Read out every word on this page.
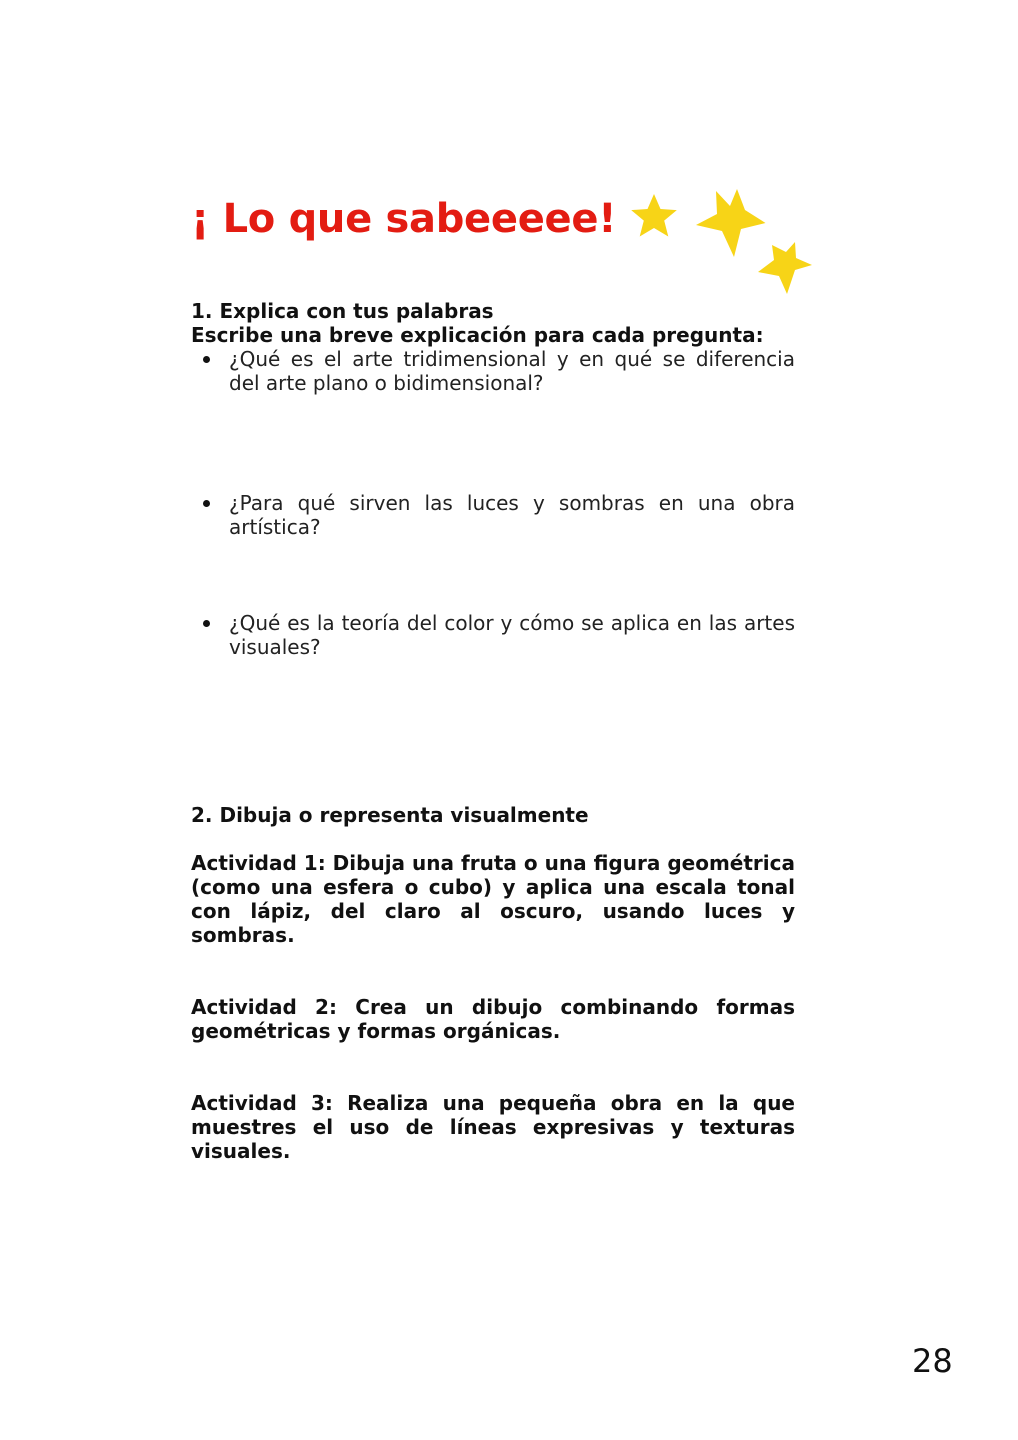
¡ Lo que sabeeeee!

1. Explica con tus palabras

Escribe una breve explicación para cada pregunta:

¿Qué es el arte tridimensional y en qué se diferencia del arte plano o bidimensional?
¿Para qué sirven las luces y sombras en una obra artística?
¿Qué es la teoría del color y cómo se aplica en las artes visuales?

2. Dibuja o representa visualmente

Actividad 1: Dibuja una fruta o una figura geométrica (como una esfera o cubo) y aplica una escala tonal con lápiz, del claro al oscuro, usando luces y sombras.

Actividad 2: Crea un dibujo combinando formas geométricas y formas orgánicas.

Actividad 3: Realiza una pequeña obra en la que muestres el uso de líneas expresivas y texturas visuales.

28
